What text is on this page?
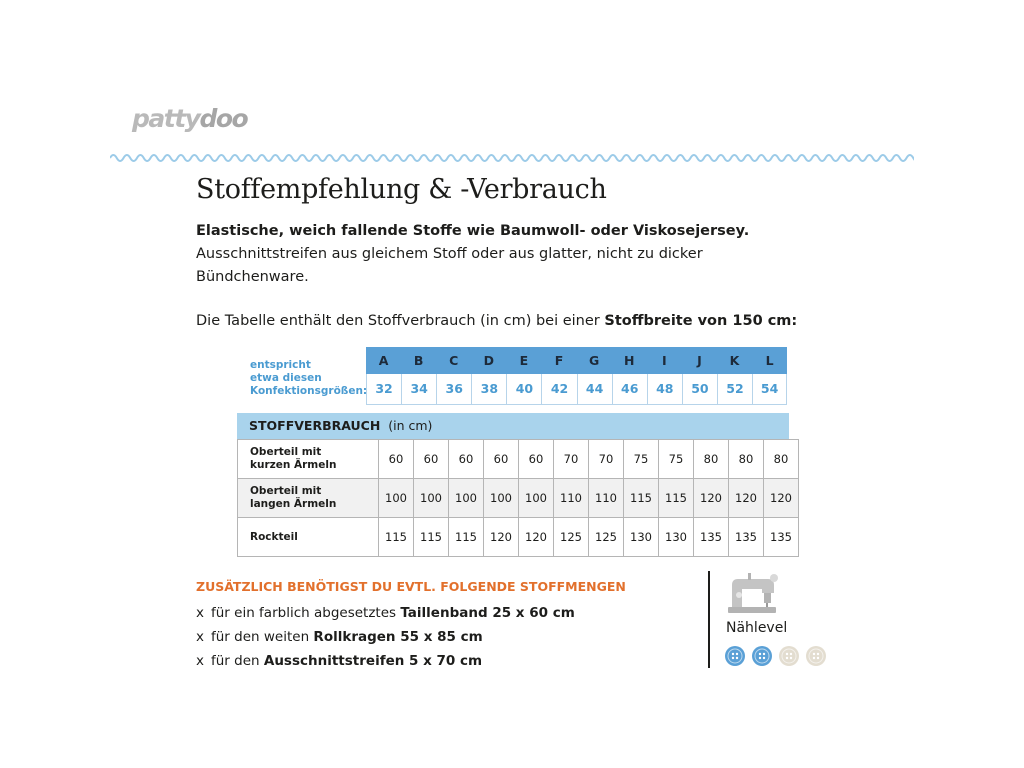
pattydoo
Stoffempfehlung & -Verbrauch
Elastische, weich fallende Stoffe wie Baumwoll- oder Viskosejersey.
Ausschnittstreifen aus gleichem Stoff oder aus glatter, nicht zu dicker
Bündchenware.
Die Tabelle enthält den Stoffverbrauch (in cm) bei einer Stoffbreite von 150 cm:
entspricht
etwa diesen
Konfektionsgrößen:
A	B	C	D	E	F	G	H	I	J	K	L
32	34	36	38	40	42	44	46	48	50	52	54
STOFFVERBRAUCH (in cm)
Oberteil mit
kurzen Ärmeln	60	60	60	60	60	70	70	75	75	80	80	80

Oberteil mit
langen Ärmeln	100	100	100	100	100	110	110	115	115	120	120	120

Rockteil	115	115	115	120	120	125	125	130	130	135	135	135
ZUSÄTZLICH BENÖTIGST DU EVTL. FOLGENDE STOFFMENGEN
x für ein farblich abgesetztes Taillenband 25 x 60 cm
x für den weiten Rollkragen 55 x 85 cm
x für den Ausschnittstreifen 5 x 70 cm
Nählevel
